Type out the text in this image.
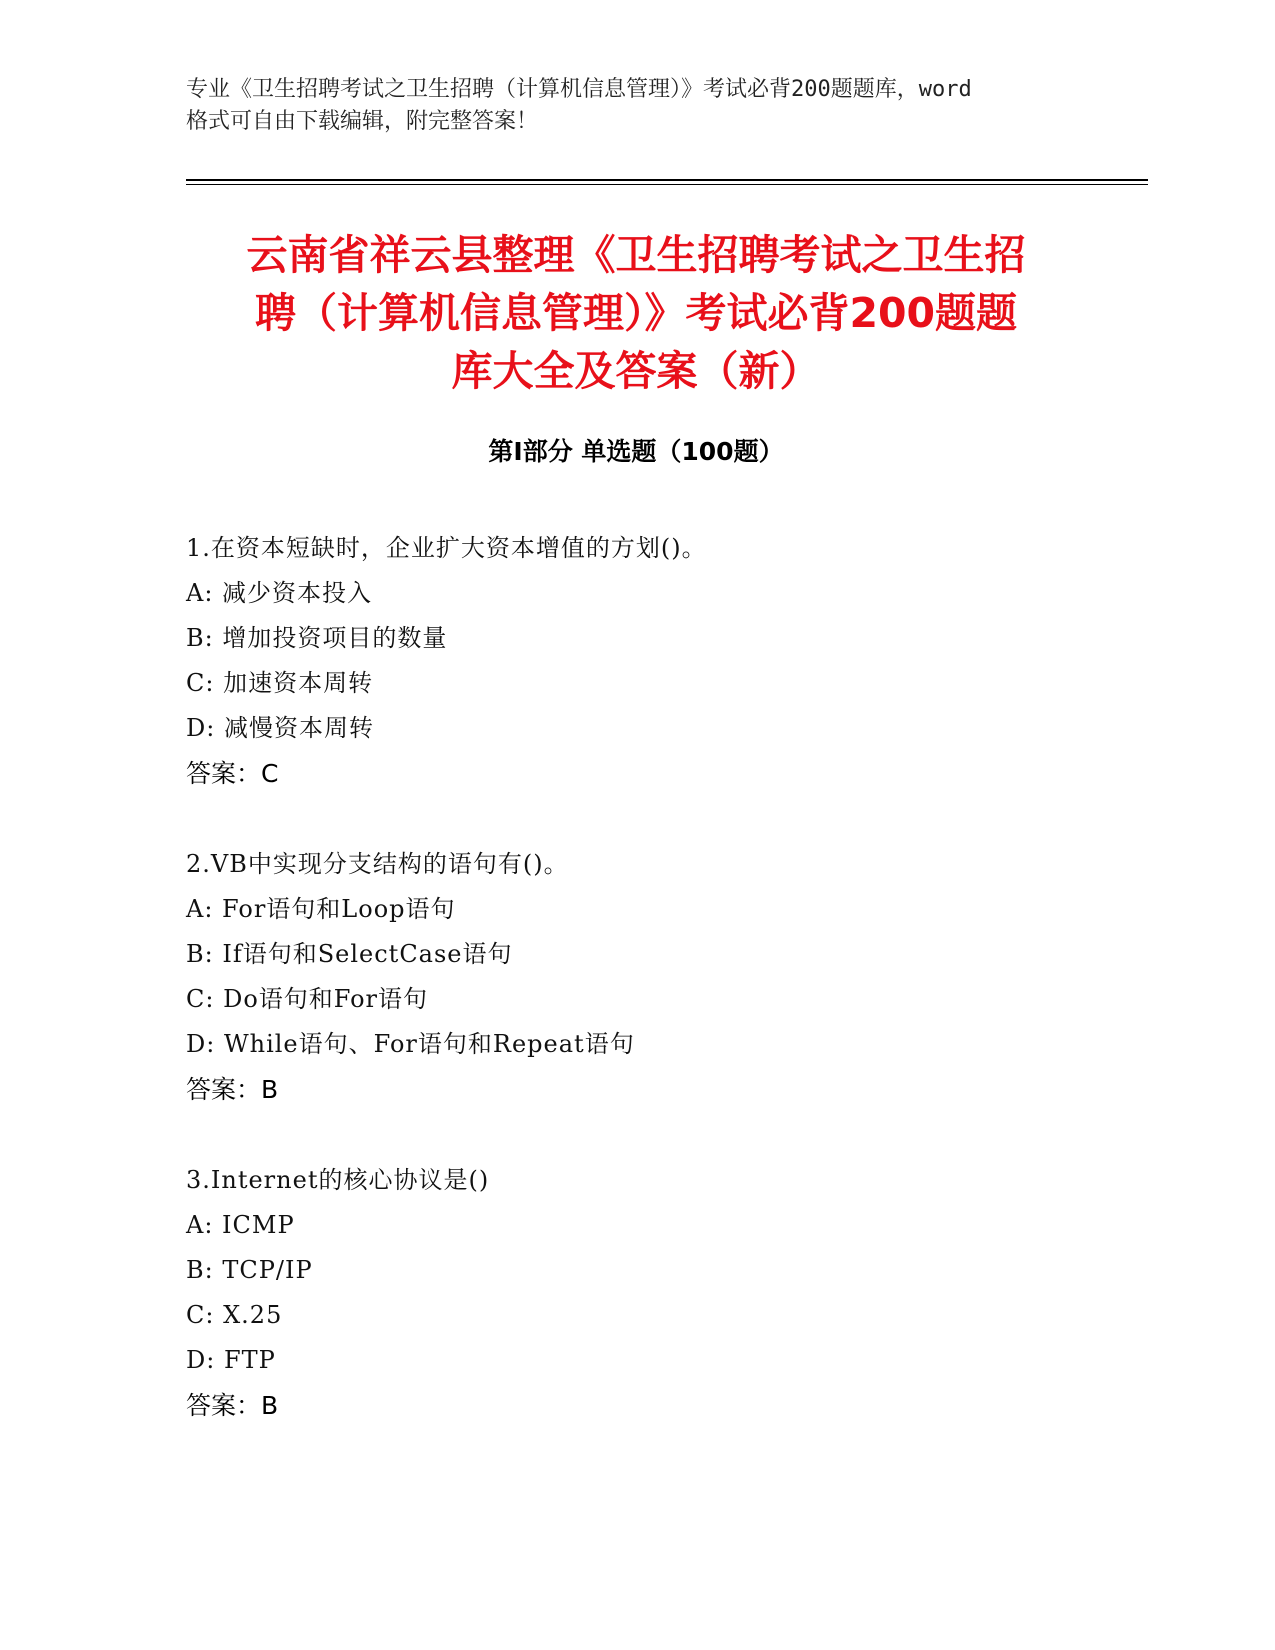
专业《卫生招聘考试之卫生招聘（计算机信息管理）》考试必背200题题库，word

格式可自由下载编辑，附完整答案！

云南省祥云县整理《卫生招聘考试之卫生招

聘（计算机信息管理）》考试必背200题题

库大全及答案（新）

第Ⅰ部分 单选题（100题）
1.在资本短缺时，企业扩大资本增值的方划()。
A: 减少资本投入
B: 增加投资项目的数量
C: 加速资本周转
D: 减慢资本周转
答案：C
2.VB中实现分支结构的语句有()。
A: For语句和Loop语句
B: If语句和SelectCase语句
C: Do语句和For语句
D: While语句、For语句和Repeat语句
答案：B
3.Internet的核心协议是()
A: ICMP
B: TCP/IP
C: X.25
D: FTP
答案：B
